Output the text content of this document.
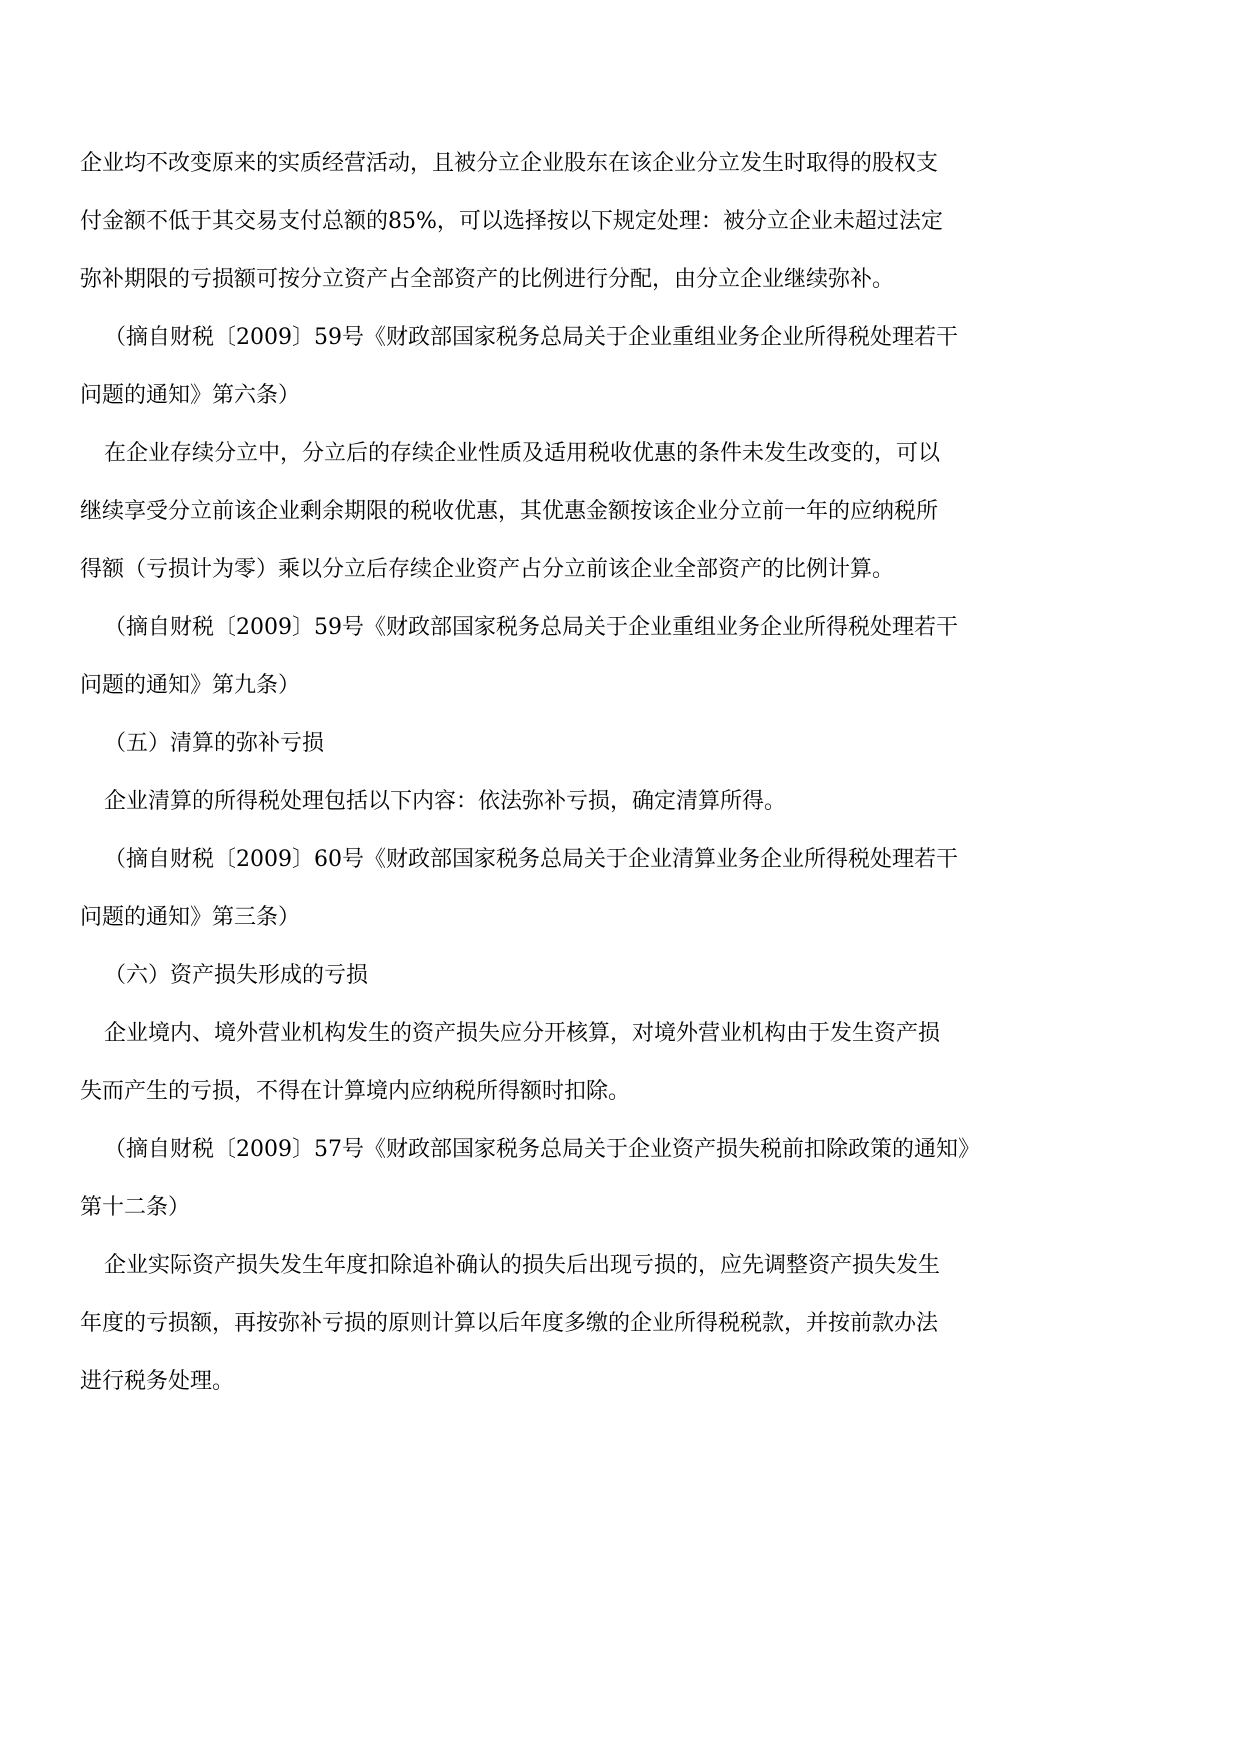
企业均不改变原来的实质经营活动，且被分立企业股东在该企业分立发生时取得的股权支

付金额不低于其交易支付总额的85%，可以选择按以下规定处理：被分立企业未超过法定

弥补期限的亏损额可按分立资产占全部资产的比例进行分配，由分立企业继续弥补。

（摘自财税〔2009〕59号《财政部国家税务总局关于企业重组业务企业所得税处理若干

问题的通知》第六条）

在企业存续分立中，分立后的存续企业性质及适用税收优惠的条件未发生改变的，可以

继续享受分立前该企业剩余期限的税收优惠，其优惠金额按该企业分立前一年的应纳税所

得额（亏损计为零）乘以分立后存续企业资产占分立前该企业全部资产的比例计算。

（摘自财税〔2009〕59号《财政部国家税务总局关于企业重组业务企业所得税处理若干

问题的通知》第九条）

（五）清算的弥补亏损

企业清算的所得税处理包括以下内容：依法弥补亏损，确定清算所得。

（摘自财税〔2009〕60号《财政部国家税务总局关于企业清算业务企业所得税处理若干

问题的通知》第三条）

（六）资产损失形成的亏损

企业境内、境外营业机构发生的资产损失应分开核算，对境外营业机构由于发生资产损

失而产生的亏损，不得在计算境内应纳税所得额时扣除。

（摘自财税〔2009〕57号《财政部国家税务总局关于企业资产损失税前扣除政策的通知》

第十二条）

企业实际资产损失发生年度扣除追补确认的损失后出现亏损的，应先调整资产损失发生

年度的亏损额，再按弥补亏损的原则计算以后年度多缴的企业所得税税款，并按前款办法

进行税务处理。
